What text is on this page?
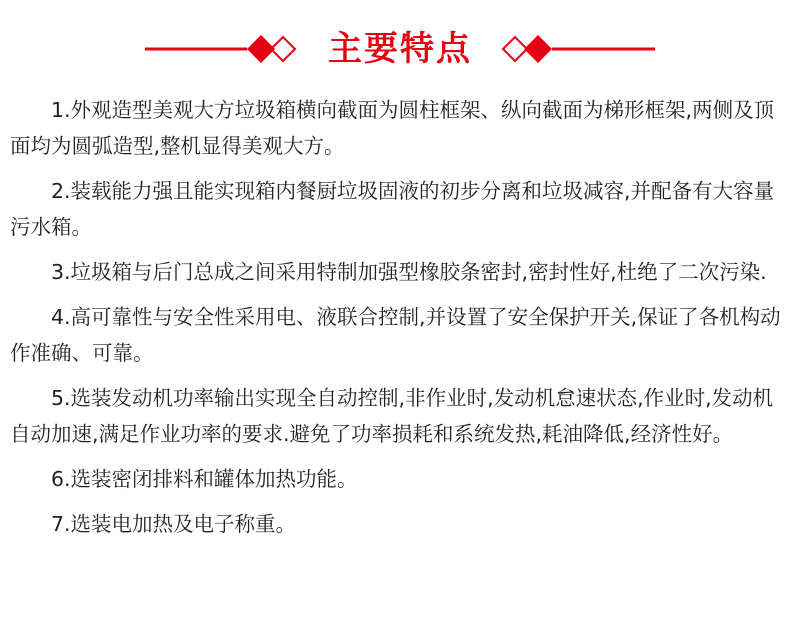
主要特点

1.外观造型美观大方垃圾箱横向截面为圆柱框架、纵向截面为梯形框架,两侧及顶面均为圆弧造型,整机显得美观大方。

2.装载能力强且能实现箱内餐厨垃圾固液的初步分离和垃圾减容,并配备有大容量污水箱。

3.垃圾箱与后门总成之间采用特制加强型橡胶条密封,密封性好,杜绝了二次污染.

4.高可靠性与安全性采用电、液联合控制,并设置了安全保护开关,保证了各机构动作准确、可靠。

5.选装发动机功率输出实现全自动控制,非作业时,发动机怠速状态,作业时,发动机自动加速,满足作业功率的要求.避免了功率损耗和系统发热,耗油降低,经济性好。

6.选装密闭排料和罐体加热功能。

7.选装电加热及电子称重。
